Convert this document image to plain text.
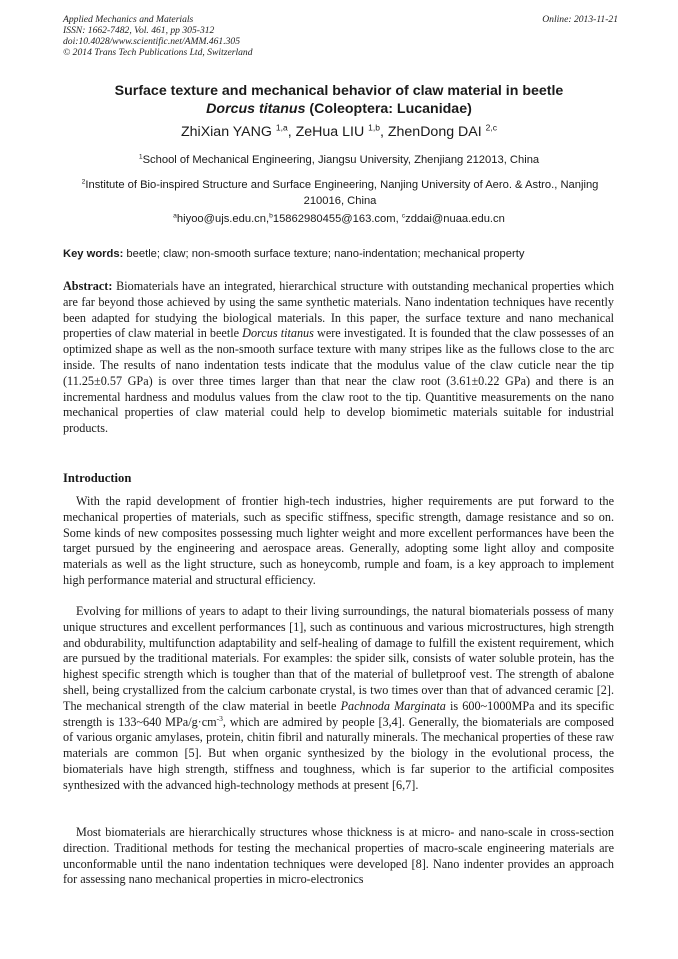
Applied Mechanics and Materials
ISSN: 1662-7482, Vol. 461, pp 305-312
doi:10.4028/www.scientific.net/AMM.461.305
© 2014 Trans Tech Publications Ltd, Switzerland
Online: 2013-11-21
Surface texture and mechanical behavior of claw material in beetle
Dorcus titanus (Coleoptera: Lucanidae)
ZhiXian YANG $^{1,a}$, ZeHua LIU $^{1,b}$, ZhenDong DAI $^{2,c}$
$^1$School of Mechanical Engineering, Jiangsu University, Zhenjiang 212013, China
$^2$Institute of Bio-inspired Structure and Surface Engineering, Nanjing University of Aero. & Astro., Nanjing 210016, China
$^a$hiyoo@ujs.edu.cn,$^b$15862980455@163.com, $^c$zddai@nuaa.edu.cn
Key words: beetle; claw; non-smooth surface texture; nano-indentation; mechanical property
Abstract: Biomaterials have an integrated, hierarchical structure with outstanding mechanical properties which are far beyond those achieved by using the same synthetic materials. Nano indentation techniques have recently been adapted for studying the biological materials. In this paper, the surface texture and nano mechanical properties of claw material in beetle Dorcus titanus were investigated. It is founded that the claw possesses of an optimized shape as well as the non-smooth surface texture with many stripes like as the fullows close to the arc inside. The results of nano indentation tests indicate that the modulus value of the claw cuticle near the tip (11.25±0.57 GPa) is over three times larger than that near the claw root (3.61±0.22 GPa) and there is an incremental hardness and modulus values from the claw root to the tip. Quantitive measurements on the nano mechanical properties of claw material could help to develop biomimetic materials suitable for industrial products.
Introduction
With the rapid development of frontier high-tech industries, higher requirements are put forward to the mechanical properties of materials, such as specific stiffness, specific strength, damage resistance and so on. Some kinds of new composites possessing much lighter weight and more excellent performances have been the target pursued by the engineering and aerospace areas. Generally, adopting some light alloy and composite materials as well as the light structure, such as honeycomb, rumple and foam, is a key approach to implement high performance material and structural efficiency.
Evolving for millions of years to adapt to their living surroundings, the natural biomaterials possess of many unique structures and excellent performances [1], such as continuous and various microstructures, high strength and obdurability, multifunction adaptability and self-healing of damage to fulfill the existent requirement, which are pursued by the traditional materials. For examples: the spider silk, consists of water soluble protein, has the highest specific strength which is tougher than that of the material of bulletproof vest. The strength of abalone shell, being crystallized from the calcium carbonate crystal, is two times over than that of advanced ceramic [2]. The mechanical strength of the claw material in beetle Pachnoda Marginata is 600~1000MPa and its specific strength is 133~640 MPa/$g\cdot cm^{-3}$, which are admired by people [3,4]. Generally, the biomaterials are composed of various organic amylases, protein, chitin fibril and naturally minerals. The mechanical properties of these raw materials are common [5]. But when organic synthesized by the biology in the evolutional process, the biomaterials have high strength, stiffness and toughness, which is far superior to the artificial composites synthesized with the advanced high-technology methods at present [6,7].
Most biomaterials are hierarchically structures whose thickness is at micro- and nano-scale in cross-section direction. Traditional methods for testing the mechanical properties of macro-scale engineering materials are unconformable until the nano indentation techniques were developed [8]. Nano indenter provides an approach for assessing nano mechanical properties in micro-electronics
